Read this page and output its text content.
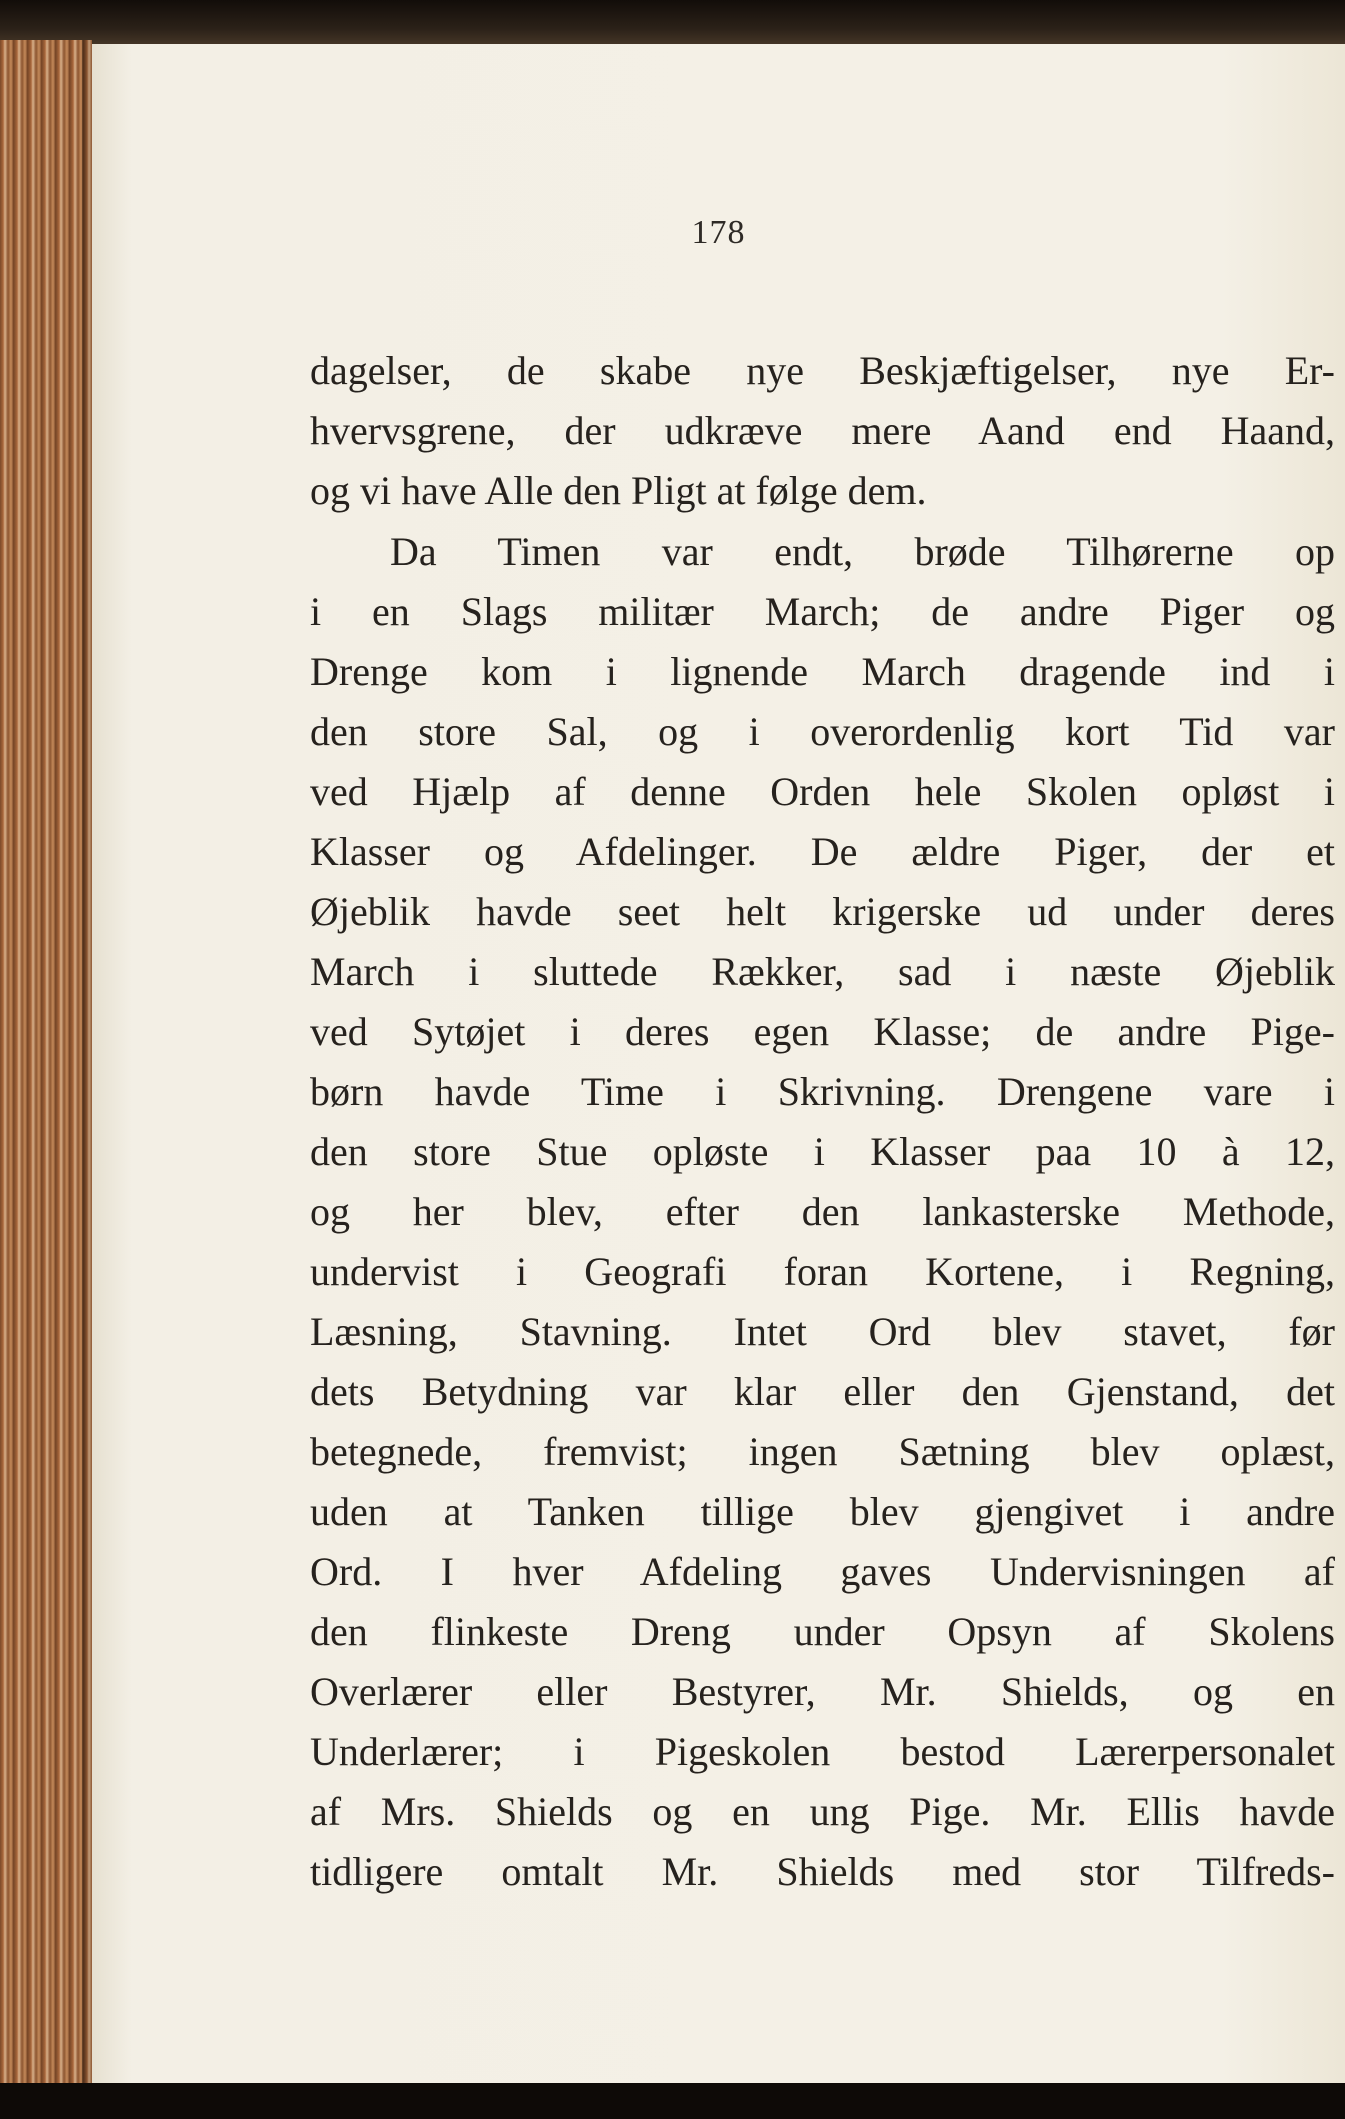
178
dagelser, de skabe nye Beskjæftigelser, nye Er-
hvervsgrene, der udkræve mere Aand end Haand,
og vi have Alle den Pligt at følge dem.
Da Timen var endt, brøde Tilhørerne op
i en Slags militær March; de andre Piger og
Drenge kom i lignende March dragende ind i
den store Sal, og i overordenlig kort Tid var
ved Hjælp af denne Orden hele Skolen opløst i
Klasser og Afdelinger. De ældre Piger, der et
Øjeblik havde seet helt krigerske ud under deres
March i sluttede Rækker, sad i næste Øjeblik
ved Sytøjet i deres egen Klasse; de andre Pige-
børn havde Time i Skrivning. Drengene vare i
den store Stue opløste i Klasser paa 10 à 12,
og her blev, efter den lankasterske Methode,
undervist i Geografi foran Kortene, i Regning,
Læsning, Stavning. Intet Ord blev stavet, før
dets Betydning var klar eller den Gjenstand, det
betegnede, fremvist; ingen Sætning blev oplæst,
uden at Tanken tillige blev gjengivet i andre
Ord. I hver Afdeling gaves Undervisningen af
den flinkeste Dreng under Opsyn af Skolens
Overlærer eller Bestyrer, Mr. Shields, og en
Underlærer; i Pigeskolen bestod Lærerpersonalet
af Mrs. Shields og en ung Pige. Mr. Ellis havde
tidligere omtalt Mr. Shields med stor Tilfreds-
